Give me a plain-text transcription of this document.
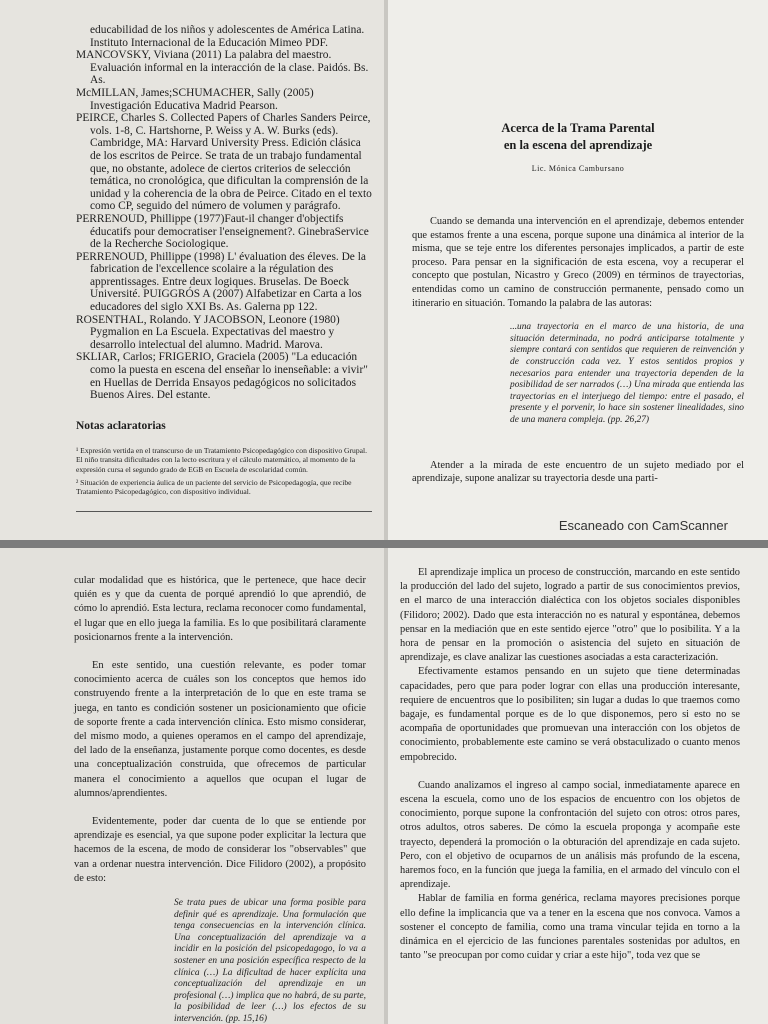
educabilidad de los niños y adolescentes de América Latina. Instituto Internacional de la Educación Mimeo PDF.

MANCOVSKY, Viviana (2011) La palabra del maestro. Evaluación informal en la interacción de la clase. Paidós. Bs. As.

McMILLAN, James;SCHUMACHER, Sally (2005) Investigación Educativa Madrid Pearson.

PEIRCE, Charles S. Collected Papers of Charles Sanders Peirce, vols. 1-8, C. Hartshorne, P. Weiss y A. W. Burks (eds). Cambridge, MA: Harvard University Press. Edición clásica de los escritos de Peirce. Se trata de un trabajo fundamental que, no obstante, adolece de ciertos criterios de selección temática, no cronológica, que dificultan la comprensión de la unidad y la coherencia de la obra de Peirce. Citado en el texto como CP, seguido del número de volumen y parágrafo.

PERRENOUD, Phillippe (1977)Faut-il changer d'objectifs éducatifs pour democratiser l'enseignement?. GinebraService de la Recherche Sociologique.

PERRENOUD, Phillippe (1998) L' évaluation des éleves. De la fabrication de l'excellence scolaire a la régulation des apprentissages. Entre deux logiques. Bruselas. De Boeck Université. PUIGGRÓS A (2007) Alfabetizar en Carta a los educadores del siglo XXI Bs. As. Galerna pp 122.

ROSENTHAL, Rolando. Y JACOBSON, Leonore (1980) Pygmalion en La Escuela. Expectativas del maestro y desarrollo intelectual del alumno. Madrid. Marova.

SKLIAR, Carlos; FRIGERIO, Graciela (2005) "La educación como la puesta en escena del enseñar lo inenseñable: a vivir" en Huellas de Derrida Ensayos pedagógicos no solicitados Buenos Aires. Del estante.

Notas aclaratorias

¹ Expresión vertida en el transcurso de un Tratamiento Psicopedagógico con dispositivo Grupal. El niño transita dificultades con la lecto escritura y el cálculo matemático, al momento de la expresión cursa el segundo grado de EGB en Escuela de escolaridad común.

² Situación de experiencia áulica de un paciente del servicio de Psicopedagogía, que recibe Tratamiento Psicopedagógico, con dispositivo individual.

Acerca de la Trama Parental
en la escena del aprendizaje
Lic. Mónica Cambursano

Cuando se demanda una intervención en el aprendizaje, debemos entender que estamos frente a una escena, porque supone una dinámica al interior de la misma, que se teje entre los diferentes personajes implicados, a partir de este proceso. Para pensar en la significación de esta escena, voy a recuperar el concepto que postulan, Nicastro y Greco (2009) en términos de trayectorias, entendidas como un camino de construcción permanente, pensado como un itinerario en situación. Tomando la palabra de las autoras:

...una trayectoria en el marco de una historia, de una situación determinada, no podrá anticiparse totalmente y siempre contará con sentidos que requieren de reinvención y de construcción cada vez. Y estos sentidos propios y necesarios para entender una trayectoria dependen de la posibilidad de ser narrados (…) Una mirada que entienda las trayectorias en el interjuego del tiempo: entre el pasado, el presente y el porvenir, lo hace sin sostener linealidades, sino de una manera compleja. (pp. 26,27)

Atender a la mirada de este encuentro de un sujeto mediado por el aprendizaje, supone analizar su trayectoria desde una parti-

Escaneado con CamScanner

cular modalidad que es histórica, que le pertenece, que hace decir quién es y que da cuenta de porqué aprendió lo que aprendió, de cómo lo aprendió. Esta lectura, reclama reconocer como fundamental, el lugar que en ello juega la familia. Es lo que posibilitará claramente posicionarnos frente a la intervención.

En este sentido, una cuestión relevante, es poder tomar conocimiento acerca de cuáles son los conceptos que hemos ido construyendo frente a la interpretación de lo que en este trama se juega, en tanto es condición sostener un posicionamiento que oficie de soporte frente a cada intervención clínica. Esto mismo considerar, del mismo modo, a quienes operamos en el campo del aprendizaje, del lado de la enseñanza, justamente porque como docentes, es desde una conceptualización construida, que ofrecemos de particular manera el conocimiento a aquellos que ocupan el lugar de alumnos/aprendientes.

Evidentemente, poder dar cuenta de lo que se entiende por aprendizaje es esencial, ya que supone poder explicitar la lectura que hacemos de la escena, de modo de considerar los "observables" que van a ordenar nuestra intervención. Dice Filidoro (2002), a propósito de esto:

Se trata pues de ubicar una forma posible para definir qué es aprendizaje. Una formulación que tenga consecuencias en la intervención clínica. Una conceptualización del aprendizaje va a incidir en la posición del psicopedagogo, lo va a sostener en una posición específica respecto de la clínica (…) La dificultad de hacer explícita una conceptualización del aprendizaje en un profesional (…) implica que no habrá, de su parte, la posibilidad de leer (…) los efectos de su intervención. (pp. 15,16)

El aprendizaje implica un proceso de construcción, marcando en este sentido la producción del lado del sujeto, logrado a partir de sus conocimientos previos, en el marco de una interacción dialéctica con los objetos sociales disponibles (Filidoro; 2002). Dado que esta interacción no es natural y espontánea, debemos pensar en la mediación que en este sentido ejerce "otro" que lo posibilita. Y a la hora de pensar en la promoción o asistencia del sujeto en situación de aprendizaje, es clave analizar las cuestiones asociadas a esta caracterización.

Efectivamente estamos pensando en un sujeto que tiene determinadas capacidades, pero que para poder lograr con ellas una producción interesante, requiere de encuentros que lo posibiliten; sin lugar a dudas lo que traemos como bagaje, es fundamental porque es de lo que disponemos, pero si esto no se acompaña de oportunidades que promuevan una interacción con los objetos de conocimiento, probablemente este camino se verá obstaculizado o cuanto menos empobrecido.

Cuando analizamos el ingreso al campo social, inmediatamente aparece en escena la escuela, como uno de los espacios de encuentro con los objetos de conocimiento, porque supone la confrontación del sujeto con otros: otros pares, otros adultos, otros saberes. De cómo la escuela proponga y acompañe este trayecto, dependerá la promoción o la obturación del aprendizaje en cada sujeto. Pero, con el objetivo de ocuparnos de un análisis más profundo de la escena, haremos foco, en la función que juega la familia, en el armado del vínculo con el aprendizaje.

Hablar de familia en forma genérica, reclama mayores precisiones porque ello define la implicancia que va a tener en la escena que nos convoca. Vamos a sostener el concepto de familia, como una trama vincular tejida en torno a la dinámica en el ejercicio de las funciones parentales sostenidas por adultos, en tanto "se preocupan por como cuidar y criar a este hijo", toda vez que se
